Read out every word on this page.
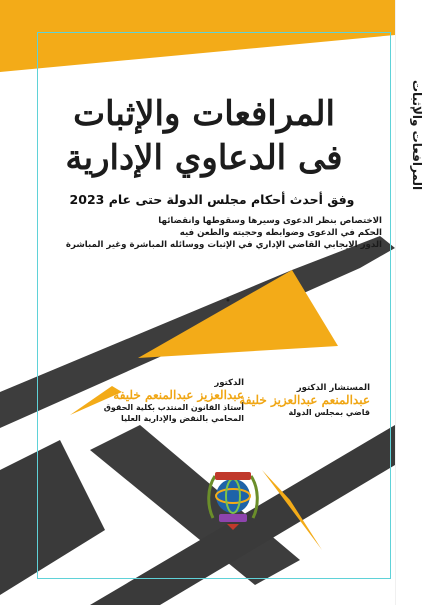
المرافعات والإثبات
المرافعات والإثبات
فى الدعاوي الإدارية
وفق أحدث أحكام مجلس الدولة حتى عام 2023
الاختصاص بنظر الدعوى وسيرها وسقوطها وانقضائها
الحكم في الدعوى وضوابطه وحجيته والطعن فيه
الدور الايجابي القاضي الإداري في الإثبات ووسائله المباشرة وغير المباشرة
المستشار الدكتور
عبدالمنعم عبدالعزيز خليفة
قاضي بمجلس الدولة
الدكتور
عبدالعزيز عبدالمنعم خليفة
أستاذ القانون المنتدب بكلية الحقوق
المحامي بالنقض والإدارية العليا
